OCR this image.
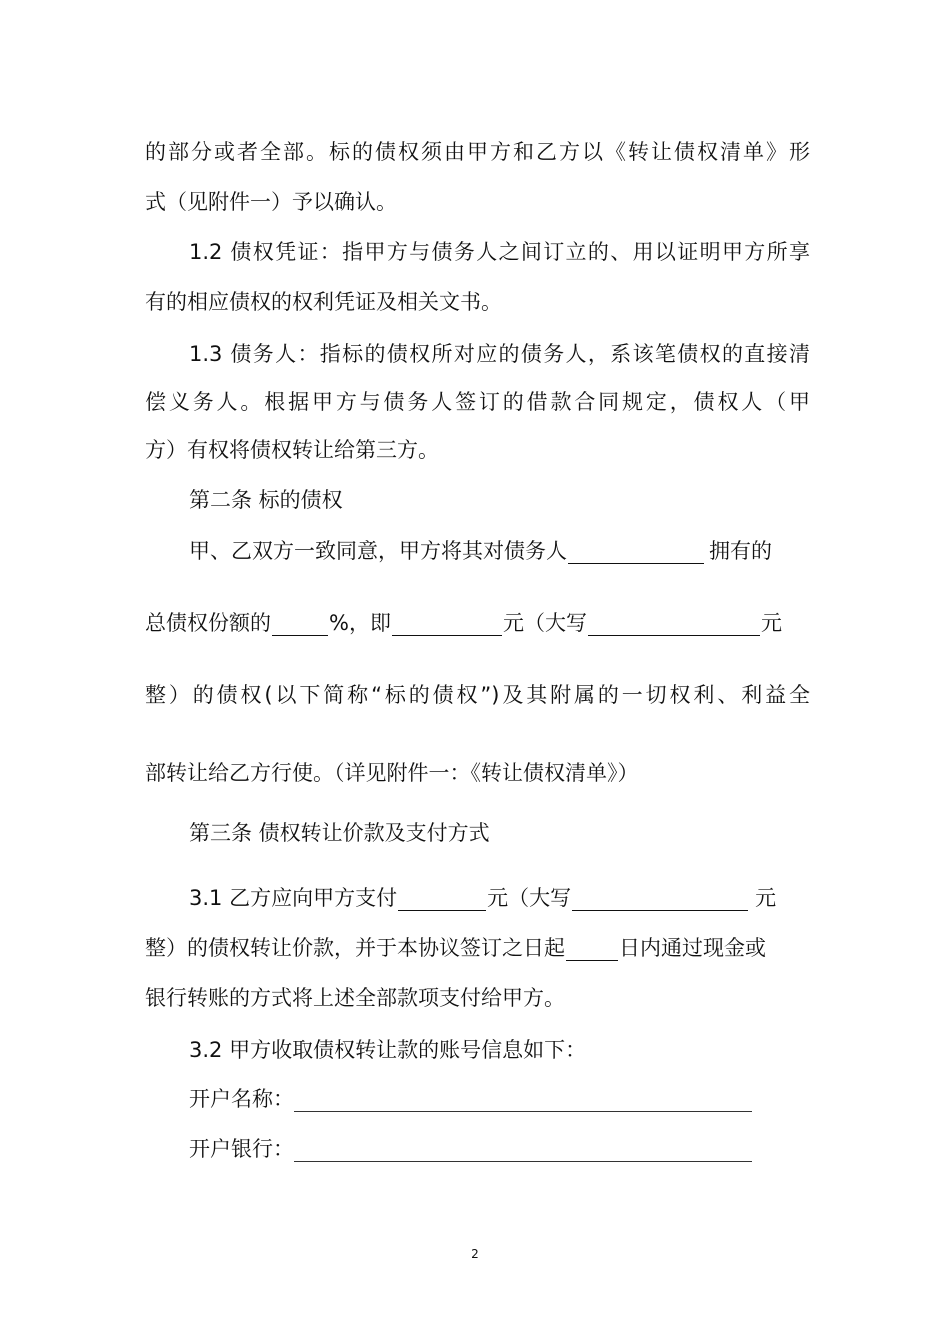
的部分或者全部。标的债权须由甲方和乙方以《转让债权清单》形
式（见附件一）予以确认。
1.2 债权凭证：指甲方与债务人之间订立的、用以证明甲方所享
有的相应债权的权利凭证及相关文书。
1.3 债务人：指标的债权所对应的债务人，系该笔债权的直接清
偿义务人。根据甲方与债务人签订的借款合同规定，债权人（甲
方）有权将债权转让给第三方。
第二条 标的债权
甲、乙双方一致同意，甲方将其对债务人	拥有的
总债权份额的	%，即	元（大写	元
整）的债权(以下简称“标的债权”)及其附属的一切权利、利益全
部转让给乙方行使。（详见附件一：《转让债权清单》）
第三条 债权转让价款及支付方式
3.1 乙方应向甲方支付	元（大写	元
整）的债权转让价款，并于本协议签订之日起	日内通过现金或
银行转账的方式将上述全部款项支付给甲方。
3.2 甲方收取债权转让款的账号信息如下：
开户名称：
开户银行：
2
